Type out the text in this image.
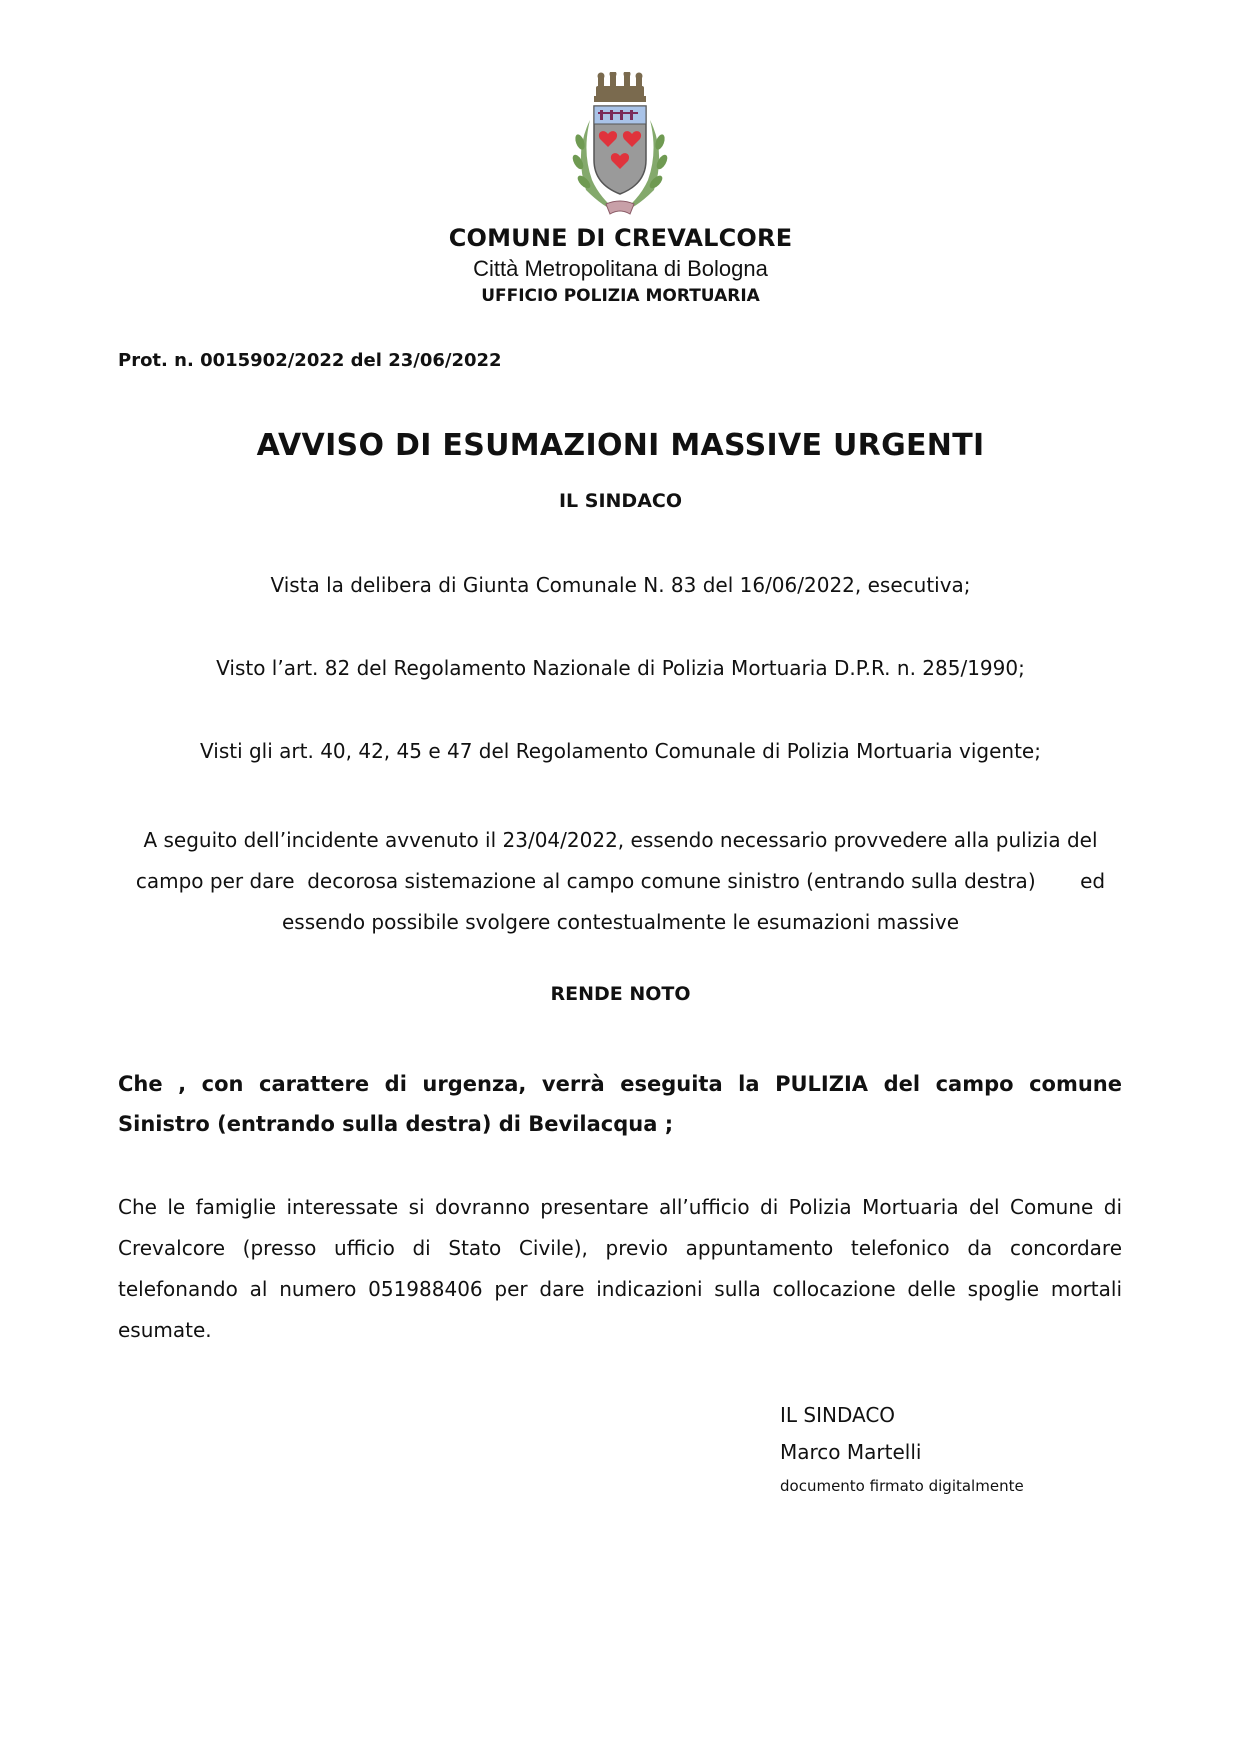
COMUNE DI CREVALCORE
Città Metropolitana di Bologna
UFFICIO POLIZIA MORTUARIA
Prot. n. 0015902/2022 del 23/06/2022
AVVISO DI ESUMAZIONI MASSIVE URGENTI
IL SINDACO
Vista la delibera di Giunta Comunale N. 83 del 16/06/2022, esecutiva;
Visto l’art. 82 del Regolamento Nazionale di Polizia Mortuaria D.P.R. n. 285/1990;
Visti gli art. 40, 42, 45 e 47 del Regolamento Comunale di Polizia Mortuaria vigente;
A seguito dell’incidente avvenuto il 23/04/2022, essendo necessario provvedere alla pulizia del
campo per dare  decorosa sistemazione al campo comune sinistro (entrando sulla destra)       ed
essendo possibile svolgere contestualmente le esumazioni massive
RENDE NOTO
Che , con carattere di urgenza, verrà eseguita la PULIZIA del campo comune Sinistro (entrando sulla destra) di Bevilacqua ;
Che le famiglie interessate si dovranno presentare all’ufficio di Polizia Mortuaria del Comune di Crevalcore (presso ufficio di Stato Civile), previo appuntamento telefonico da concordare telefonando al numero 051988406 per dare indicazioni sulla collocazione delle spoglie mortali esumate.
IL SINDACO
Marco Martelli
documento firmato digitalmente
